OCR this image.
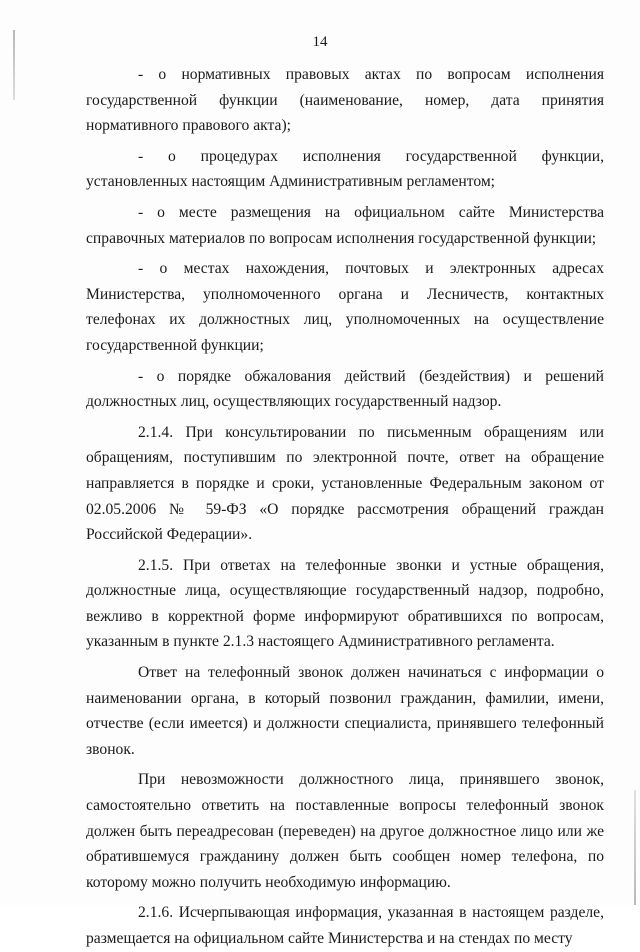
14

- о нормативных правовых актах по вопросам исполнения государственной функции (наименование, номер, дата принятия нормативного правового акта);

- о процедурах исполнения государственной функции, установленных настоящим Административным регламентом;

- о месте размещения на официальном сайте Министерства справочных материалов по вопросам исполнения государственной функции;

- о местах нахождения, почтовых и электронных адресах Министерства, уполномоченного органа и Лесничеств, контактных телефонах их должностных лиц, уполномоченных на осуществление государственной функции;

- о порядке обжалования действий (бездействия) и решений должностных лиц, осуществляющих государственный надзор.

2.1.4. При консультировании по письменным обращениям или обращениям, поступившим по электронной почте, ответ на обращение направляется в порядке и сроки, установленные Федеральным законом от 02.05.2006 № 59-ФЗ «О порядке рассмотрения обращений граждан Российской Федерации».

2.1.5. При ответах на телефонные звонки и устные обращения, должностные лица, осуществляющие государственный надзор, подробно, вежливо в корректной форме информируют обратившихся по вопросам, указанным в пункте 2.1.3 настоящего Административного регламента.

Ответ на телефонный звонок должен начинаться с информации о наименовании органа, в который позвонил гражданин, фамилии, имени, отчестве (если имеется) и должности специалиста, принявшего телефонный звонок.

При невозможности должностного лица, принявшего звонок, самостоятельно ответить на поставленные вопросы телефонный звонок должен быть переадресован (переведен) на другое должностное лицо или же обратившемуся гражданину должен быть сообщен номер телефона, по которому можно получить необходимую информацию.

2.1.6. Исчерпывающая информация, указанная в настоящем разделе, размещается на официальном сайте Министерства и на стендах по месту
